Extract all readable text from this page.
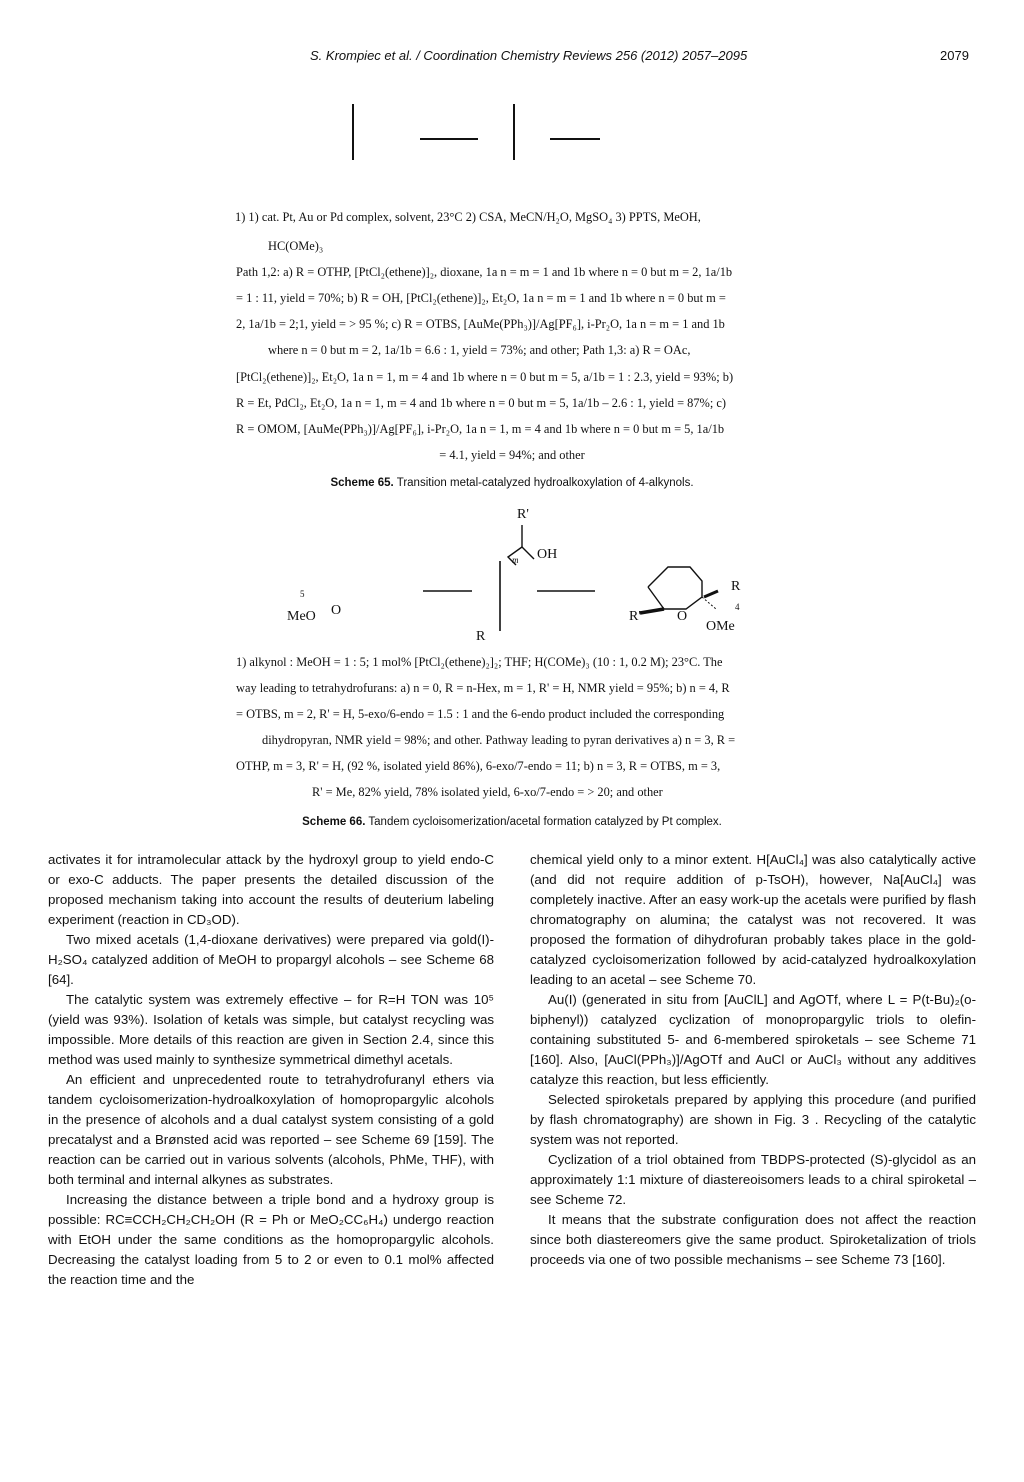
S. Krompiec et al. / Coordination Chemistry Reviews 256 (2012) 2057–2095	2079
1) 1) cat. Pt, Au or Pd complex, solvent, 23°C 2) CSA, MeCN/H₂O, MgSO₄ 3) PPTS, MeOH,
HC(OMe)₃
Path 1,2: a) R = OTHP, [PtCl₂(ethene)]₂, dioxane, 1a n = m = 1 and 1b where n = 0 but m = 2, 1a/1b
= 1 : 11, yield = 70%; b) R = OH, [PtCl₂(ethene)]₂, Et₂O, 1a n = m = 1 and 1b where n = 0 but m =
2, 1a/1b = 2;1, yield = > 95 %; c) R = OTBS, [AuMe(PPh₃)]/Ag[PF₆], i-Pr₂O, 1a n = m = 1 and 1b
where n = 0 but m = 2, 1a/1b = 6.6 : 1, yield = 73%; and other; Path 1,3: a) R = OAc,
[PtCl₂(ethene)]₂, Et₂O, 1a n = 1, m = 4 and 1b where n = 0 but m = 5, a/1b = 1 : 2.3, yield = 93%; b)
R = Et, PdCl₂, Et₂O, 1a n = 1, m = 4 and 1b where n = 0 but m = 5, 1a/1b – 2.6 : 1, yield = 87%; c)
R = OMOM, [AuMe(PPh₃)]/Ag[PF₆], i-Pr₂O, 1a n = 1, m = 4 and 1b where n = 0 but m = 5, 1a/1b
= 4.1, yield = 94%; and other
Scheme 65. Transition metal-catalyzed hydroalkoxylation of 4-alkynols.
R'
OH
m
5
MeO O
R
R
R'	O
4
OMe
1) alkynol : MeOH = 1 : 5; 1 mol% [PtCl₂(ethene)₂]₂; THF; H(COMe)₃ (10 : 1, 0.2 M); 23°C. The
way leading to tetrahydrofurans: a) n = 0, R = n-Hex, m = 1, R' = H, NMR yield = 95%; b) n = 4, R
= OTBS, m = 2, R' = H, 5-exo/6-endo = 1.5 : 1 and the 6-endo product included the corresponding
dihydropyran, NMR yield = 98%; and other. Pathway leading to pyran derivatives a) n = 3, R =
OTHP, m = 3, R' = H, (92 %, isolated yield 86%), 6-exo/7-endo = 11; b) n = 3, R = OTBS, m = 3,
R' = Me, 82% yield, 78% isolated yield, 6-xo/7-endo = > 20; and other
Scheme 66. Tandem cycloisomerization/acetal formation catalyzed by Pt complex.

activates it for intramolecular attack by the hydroxyl group to yield endo-C or exo-C adducts. The paper presents the detailed discussion of the proposed mechanism taking into account the results of deuterium labeling experiment (reaction in CD₃OD).

Two mixed acetals (1,4-dioxane derivatives) were prepared via gold(I)-H₂SO₄ catalyzed addition of MeOH to propargyl alcohols – see Scheme 68 [64].

The catalytic system was extremely effective – for R=H TON was 10⁵ (yield was 93%). Isolation of ketals was simple, but catalyst recycling was impossible. More details of this reaction are given in Section 2.4, since this method was used mainly to synthesize symmetrical dimethyl acetals.

An efficient and unprecedented route to tetrahydrofuranyl ethers via tandem cycloisomerization-hydroalkoxylation of homopropargylic alcohols in the presence of alcohols and a dual catalyst system consisting of a gold precatalyst and a Brønsted acid was reported – see Scheme 69 [159]. The reaction can be carried out in various solvents (alcohols, PhMe, THF), with both terminal and internal alkynes as substrates.

Increasing the distance between a triple bond and a hydroxy group is possible: RC≡CCH₂CH₂CH₂OH (R = Ph or MeO₂CC₆H₄) undergo reaction with EtOH under the same conditions as the homopropargylic alcohols. Decreasing the catalyst loading from 5 to 2 or even to 0.1 mol% affected the reaction time and the

chemical yield only to a minor extent. H[AuCl₄] was also catalytically active (and did not require addition of p-TsOH), however, Na[AuCl₄] was completely inactive. After an easy work-up the acetals were purified by flash chromatography on alumina; the catalyst was not recovered. It was proposed the formation of dihydrofuran probably takes place in the gold-catalyzed cycloisomerization followed by acid-catalyzed hydroalkoxylation leading to an acetal – see Scheme 70.

Au(I) (generated in situ from [AuClL] and AgOTf, where L = P(t-Bu)₂(o-biphenyl)) catalyzed cyclization of monopropargylic triols to olefin-containing substituted 5- and 6-membered spiroketals – see Scheme 71 [160]. Also, [AuCl(PPh₃)]/AgOTf and AuCl or AuCl₃ without any additives catalyze this reaction, but less efficiently.

Selected spiroketals prepared by applying this procedure (and purified by flash chromatography) are shown in Fig. 3 . Recycling of the catalytic system was not reported.

Cyclization of a triol obtained from TBDPS-protected (S)-glycidol as an approximately 1:1 mixture of diastereoisomers leads to a chiral spiroketal – see Scheme 72.

It means that the substrate configuration does not affect the reaction since both diastereomers give the same product. Spiroketalization of triols proceeds via one of two possible mechanisms – see Scheme 73 [160].
